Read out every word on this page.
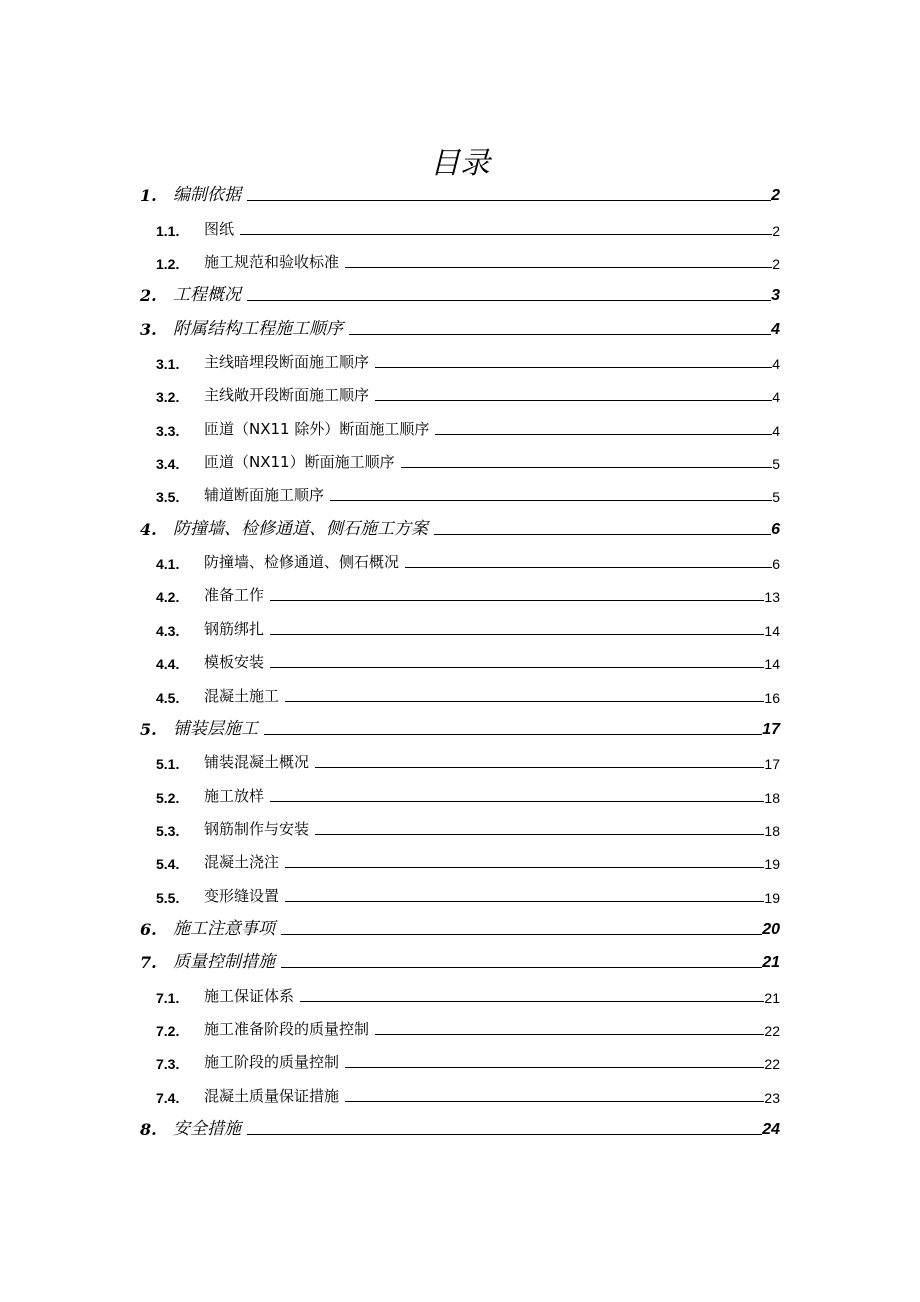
目录
1. 编制依据	2
1.1.	图纸	2
1.2.	施工规范和验收标准	2
2. 工程概况	3
3. 附属结构工程施工顺序	4
3.1.	主线暗埋段断面施工顺序	4
3.2.	主线敞开段断面施工顺序	4
3.3.	匝道（NX11 除外）断面施工顺序	4
3.4.	匝道（NX11）断面施工顺序	5
3.5.	辅道断面施工顺序	5
4. 防撞墙、检修通道、侧石施工方案	6
4.1.	防撞墙、检修通道、侧石概况	6
4.2.	准备工作	13
4.3.	钢筋绑扎	14
4.4.	模板安装	14
4.5.	混凝土施工	16
5. 铺装层施工	17
5.1.	铺装混凝土概况	17
5.2.	施工放样	18
5.3.	钢筋制作与安装	18
5.4.	混凝土浇注	19
5.5.	变形缝设置	19
6. 施工注意事项	20
7. 质量控制措施	21
7.1.	施工保证体系	21
7.2.	施工准备阶段的质量控制	22
7.3.	施工阶段的质量控制	22
7.4.	混凝土质量保证措施	23
8. 安全措施	24
